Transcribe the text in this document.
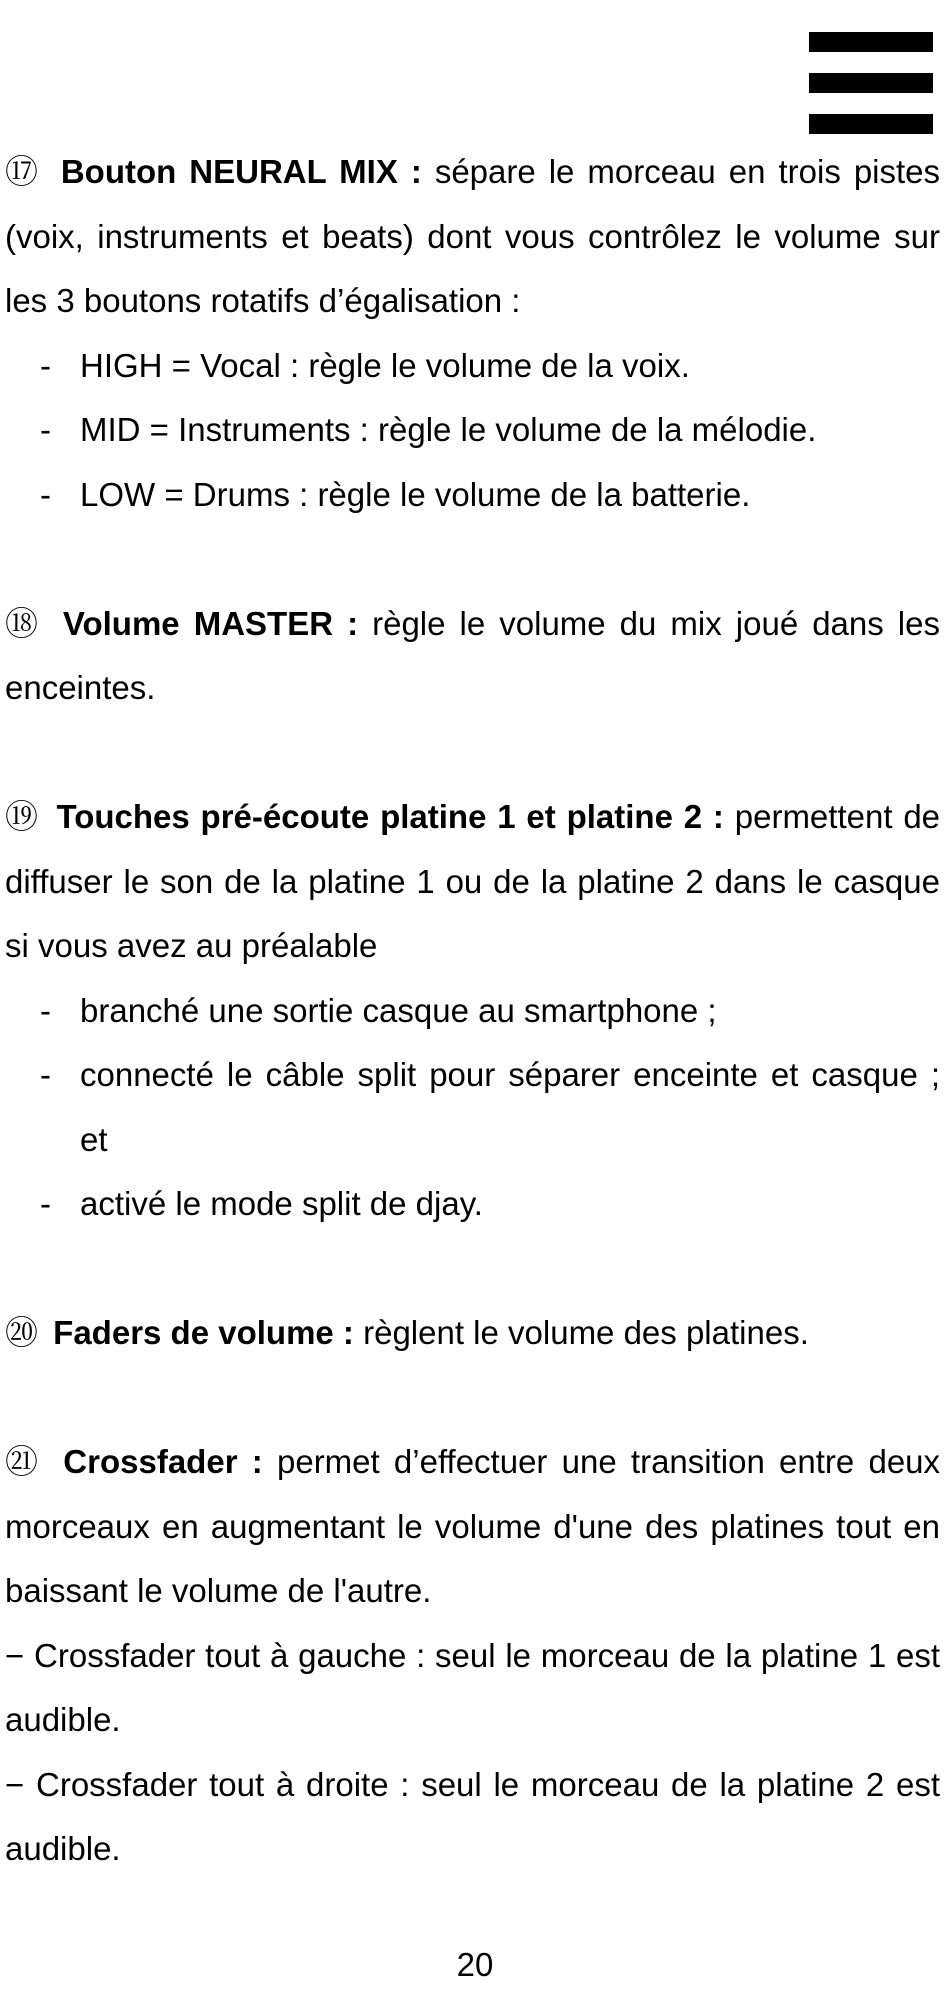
⑰ Bouton NEURAL MIX : sépare le morceau en trois pistes (voix, instruments et beats) dont vous contrôlez le volume sur les 3 boutons rotatifs d’égalisation :
- HIGH = Vocal : règle le volume de la voix.
- MID = Instruments : règle le volume de la mélodie.
- LOW = Drums : règle le volume de la batterie.
⑱ Volume MASTER : règle le volume du mix joué dans les enceintes.
⑲ Touches pré-écoute platine 1 et platine 2 : permettent de diffuser le son de la platine 1 ou de la platine 2 dans le casque si vous avez au préalable
- branché une sortie casque au smartphone ;
- connecté le câble split pour séparer enceinte et casque ; et
- activé le mode split de djay.
⑳ Faders de volume : règlent le volume des platines.
㉑ Crossfader : permet d’effectuer une transition entre deux morceaux en augmentant le volume d'une des platines tout en baissant le volume de l'autre.
− Crossfader tout à gauche : seul le morceau de la platine 1 est audible.
− Crossfader tout à droite : seul le morceau de la platine 2 est audible.
20
